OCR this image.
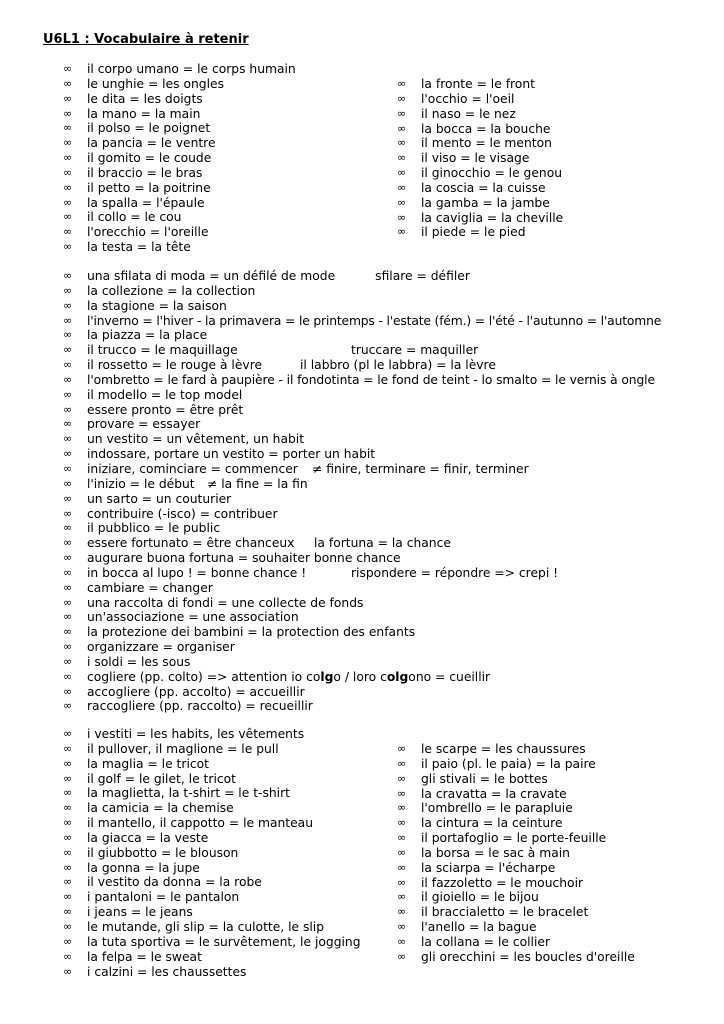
U6L1 : Vocabulaire à retenir
∞ il corpo umano = le corps humain
∞ le unghie = les ongles
∞ le dita = les doigts
∞ la mano = la main
∞ il polso = le poignet
∞ la pancia = le ventre
∞ il gomito = le coude
∞ il braccio = le bras
∞ il petto = la poitrine
∞ la spalla = l'épaule
∞ il collo = le cou
∞ l'orecchio = l'oreille
∞ la testa = la tête
∞ la fronte = le front
∞ l'occhio = l'oeil
∞ il naso = le nez
∞ la bocca = la bouche
∞ il mento = le menton
∞ il viso = le visage
∞ il ginocchio = le genou
∞ la coscia = la cuisse
∞ la gamba = la jambe
∞ la caviglia = la cheville
∞ il piede = le pied
∞ una sfilata di moda = un défilé de mode	sfilare = défiler
∞ la collezione = la collection
∞ la stagione = la saison
∞ l'inverno = l'hiver - la primavera = le printemps - l'estate (fém.) = l'été - l'autunno = l'automne
∞ la piazza = la place
∞ il trucco = le maquillage	truccare = maquiller
∞ il rossetto = le rouge à lèvre	il labbro (pl le labbra) = la lèvre
∞ l'ombretto = le fard à paupière - il fondotinta = le fond de teint - lo smalto = le vernis à ongle
∞ il modello = le top model
∞ essere pronto = être prêt
∞ provare = essayer
∞ un vestito = un vêtement, un habit
∞ indossare, portare un vestito = porter un habit
∞ iniziare, cominciare = commencer ≠ finire, terminare = finir, terminer
∞ l'inizio = le début ≠ la fine = la fin
∞ un sarto = un couturier
∞ contribuire (-isco) = contribuer
∞ il pubblico = le public
∞ essere fortunato = être chanceux la fortuna = la chance
∞ augurare buona fortuna = souhaiter bonne chance
∞ in bocca al lupo ! = bonne chance !	rispondere = répondre => crepi !
∞ cambiare = changer
∞ una raccolta di fondi = une collecte de fonds
∞ un'associazione = une association
∞ la protezione dei bambini = la protection des enfants
∞ organizzare = organiser
∞ i soldi = les sous
∞ cogliere (pp. colto) => attention io colgo / loro colgono = cueillir
∞ accogliere (pp. accolto) = accueillir
∞ raccogliere (pp. raccolto) = recueillir
∞ i vestiti = les habits, les vêtements
∞ il pullover, il maglione = le pull
∞ la maglia = le tricot
∞ il golf = le gilet, le tricot
∞ la maglietta, la t-shirt = le t-shirt
∞ la camicia = la chemise
∞ il mantello, il cappotto = le manteau
∞ la giacca = la veste
∞ il giubbotto = le blouson
∞ la gonna = la jupe
∞ il vestito da donna = la robe
∞ i pantaloni = le pantalon
∞ i jeans = le jeans
∞ le mutande, gli slip = la culotte, le slip
∞ la tuta sportiva = le survêtement, le jogging
∞ la felpa = le sweat
∞ i calzini = les chaussettes
∞ le scarpe = les chaussures
∞ il paio (pl. le paia) = la paire
∞ gli stivali = le bottes
∞ la cravatta = la cravate
∞ l'ombrello = le parapluie
∞ la cintura = la ceinture
∞ il portafoglio = le porte-feuille
∞ la borsa = le sac à main
∞ la sciarpa = l'écharpe
∞ il fazzoletto = le mouchoir
∞ il gioiello = le bijou
∞ il braccialetto = le bracelet
∞ l'anello = la bague
∞ la collana = le collier
∞ gli orecchini = les boucles d'oreille
